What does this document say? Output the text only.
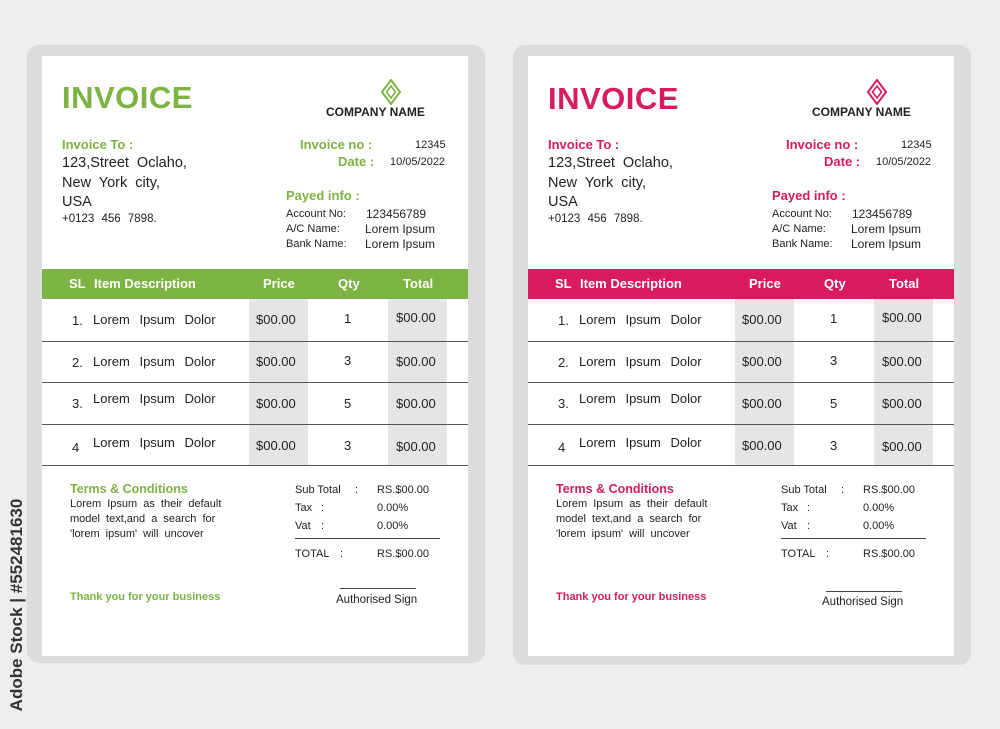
Adobe Stock | #552481630
INVOICE	COMPANY NAME
Invoice To :
123,Street Oclaho,
New York city,
USA
+0123 456 7898.
Invoice no :	12345
Date : 10/05/2022
Payed info :
Account No: 123456789
A/C Name: Lorem Ipsum
Bank Name: Lorem Ipsum
SL Item Description	Price	Qty	Total
1. Lorem Ipsum Dolor	$00.00	1	$00.00
2. Lorem Ipsum Dolor	$00.00	3	$00.00
3. Lorem Ipsum Dolor	$00.00	5	$00.00
4 Lorem Ipsum Dolor	$00.00	3	$00.00
Terms & Conditions
Lorem Ipsum as their default model text,and a search for 'lorem ipsum' will uncover
Sub Total : RS.$00.00
Tax :	0.00%
Vat :	0.00%
TOTAL :	RS.$00.00
Thank you for your business	Authorised Sign
INVOICE	COMPANY NAME
Invoice To :
123,Street Oclaho,
New York city,
USA
+0123 456 7898.
Invoice no :	12345
Date : 10/05/2022
Payed info :
Account No: 123456789
A/C Name: Lorem Ipsum
Bank Name: Lorem Ipsum
SL Item Description	Price	Qty	Total
1. Lorem Ipsum Dolor	$00.00	1	$00.00
2. Lorem Ipsum Dolor	$00.00	3	$00.00
3. Lorem Ipsum Dolor	$00.00	5	$00.00
4 Lorem Ipsum Dolor	$00.00	3	$00.00
Terms & Conditions
Lorem Ipsum as their default model text,and a search for 'lorem ipsum' will uncover
Sub Total : RS.$00.00
Tax :	0.00%
Vat :	0.00%
TOTAL :	RS.$00.00
Thank you for your business	Authorised Sign
